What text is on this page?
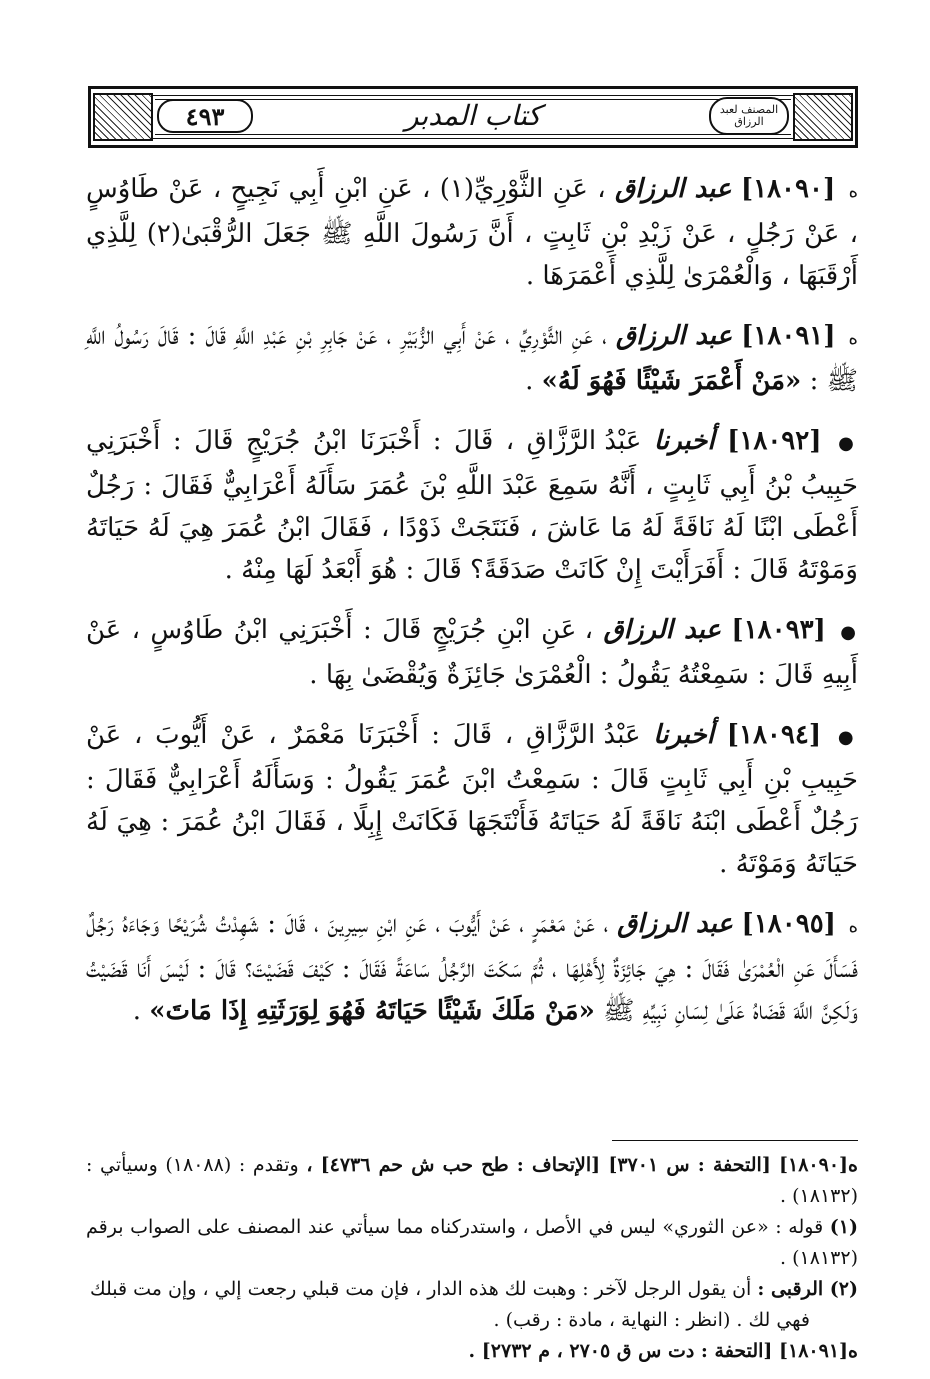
٤٩٣	كتاب المدبر	المصنف لعبد الرزاق

ه [١٨٠٩٠] عبد الرزاق ، عَنِ الثَّوْرِيِّ(١) ، عَنِ ابْنِ أَبِي نَجِيحٍ ، عَنْ طَاوُسٍ ، عَنْ رَجُلٍ ، عَنْ زَيْدِ بْنِ ثَابِتٍ ، أَنَّ رَسُولَ اللَّهِ ﷺ جَعَلَ الرُّقْبَىٰ(٢) لِلَّذِي أَرْقَبَهَا ، وَالْعُمْرَىٰ لِلَّذِي أَعْمَرَهَا .

ه [١٨٠٩١] عبد الرزاق ، عَنِ الثَّوْرِيِّ ، عَنْ أَبِي الزُّبَيْرِ ، عَنْ جَابِرِ بْنِ عَبْدِ اللَّهِ قَالَ : قَالَ رَسُولُ اللَّهِ ﷺ : «مَنْ أَعْمَرَ شَيْئًا فَهُوَ لَهُ» .

● [١٨٠٩٢] أخبرنا عَبْدُ الرَّزَّاقِ ، قَالَ : أَخْبَرَنَا ابْنُ جُرَيْجٍ قَالَ : أَخْبَرَنِي حَبِيبُ بْنُ أَبِي ثَابِتٍ ، أَنَّهُ سَمِعَ عَبْدَ اللَّهِ بْنَ عُمَرَ سَأَلَهُ أَعْرَابِيٌّ فَقَالَ : رَجُلٌ أَعْطَى ابْنًا لَهُ نَاقَةً لَهُ مَا عَاشَ ، فَنَتَجَتْ ذَوْدًا ، فَقَالَ ابْنُ عُمَرَ هِيَ لَهُ حَيَاتَهُ وَمَوْتَهُ قَالَ : أَفَرَأَيْتَ إِنْ كَانَتْ صَدَقَةً؟ قَالَ : هُوَ أَبْعَدُ لَهَا مِنْهُ .

● [١٨٠٩٣] عبد الرزاق ، عَنِ ابْنِ جُرَيْجٍ قَالَ : أَخْبَرَنِي ابْنُ طَاوُسٍ ، عَنْ أَبِيهِ قَالَ : سَمِعْتُهُ يَقُولُ : الْعُمْرَىٰ جَائِزَةٌ وَيُقْضَىٰ بِهَا .

● [١٨٠٩٤] أخبرنا عَبْدُ الرَّزَّاقِ ، قَالَ : أَخْبَرَنَا مَعْمَرٌ ، عَنْ أَيُّوبَ ، عَنْ حَبِيبِ بْنِ أَبِي ثَابِتٍ قَالَ : سَمِعْتُ ابْنَ عُمَرَ يَقُولُ : وَسَأَلَهُ أَعْرَابِيٌّ فَقَالَ : رَجُلٌ أَعْطَى ابْنَهُ نَاقَةً لَهُ حَيَاتَهُ فَأَنْتَجَهَا فَكَانَتْ إِبِلًا ، فَقَالَ ابْنُ عُمَرَ : هِيَ لَهُ حَيَاتَهُ وَمَوْتَهُ .

ه [١٨٠٩٥] عبد الرزاق ، عَنْ مَعْمَرٍ ، عَنْ أَيُّوبَ ، عَنِ ابْنِ سِيرِينَ ، قَالَ : شَهِدْتُ شُرَيْحًا وَجَاءَهُ رَجُلٌ فَسَأَلَ عَنِ الْعُمْرَىٰ فَقَالَ : هِيَ جَائِزَةٌ لِأَهْلِهَا ، ثُمَّ سَكَتَ الرَّجُلُ سَاعَةً فَقَالَ : كَيْفَ قَضَيْتَ؟ قَالَ : لَيْسَ أَنَا قَضَيْتُ وَلَكِنَّ اللَّهَ قَضَاهُ عَلَىٰ لِسَانِ نَبِيِّهِ ﷺ «مَنْ مَلَكَ شَيْئًا حَيَاتَهُ فَهُوَ لِوَرَثَتِهِ إِذَا مَاتَ» .

ه[١٨٠٩٠] [التحفة : س ٣٧٠١] [الإتحاف : طح حب ش حم ٤٧٣٦] ، وتقدم : (١٨٠٨٨) وسيأتي : (١٨١٣٢) .
(١) قوله : «عن الثوري» ليس في الأصل ، واستدركناه مما سيأتي عند المصنف على الصواب برقم (١٨١٣٢) .
(٢) الرقبى : أن يقول الرجل لآخر : وهبت لك هذه الدار ، فإن مت قبلي رجعت إلي ، وإن مت قبلك
فهي لك . (انظر : النهاية ، مادة : رقب) .
ه[١٨٠٩١] [التحفة : دت س ق ٢٧٠٥ ، م ٢٧٣٢] .
